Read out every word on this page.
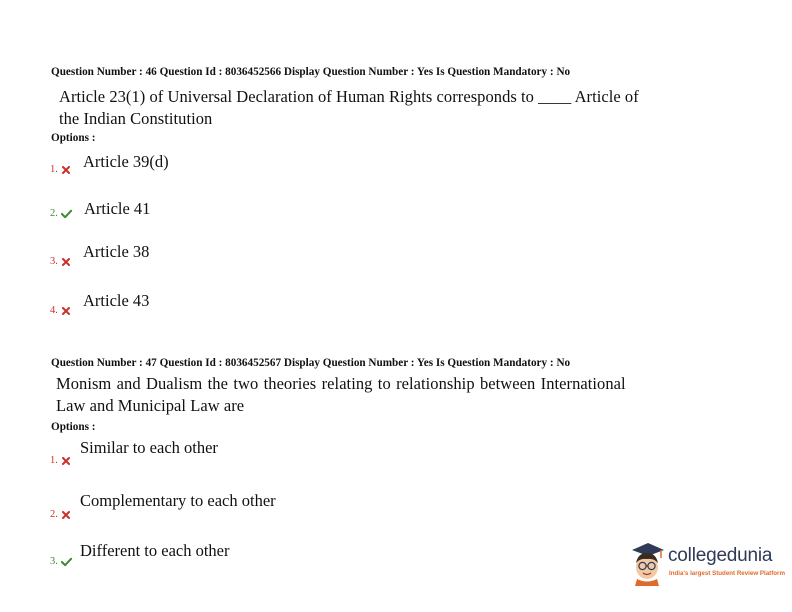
Question Number : 46 Question Id : 8036452566 Display Question Number : Yes Is Question Mandatory : No
Article 23(1) of Universal Declaration of Human Rights corresponds to ____ Article of
the Indian Constitution
Options :
1. Article 39(d)
2. Article 41
3.
Article 38
4.
Article 43
Question Number : 47 Question Id : 8036452567 Display Question Number : Yes Is Question Mandatory : No
Monism and Dualism the two theories relating to relationship between International
Law and Municipal Law are
Options :
1.
Similar to each other
2.
Complementary to each other
3.
Different to each other	collegedunia
India's largest Student Review Platform
